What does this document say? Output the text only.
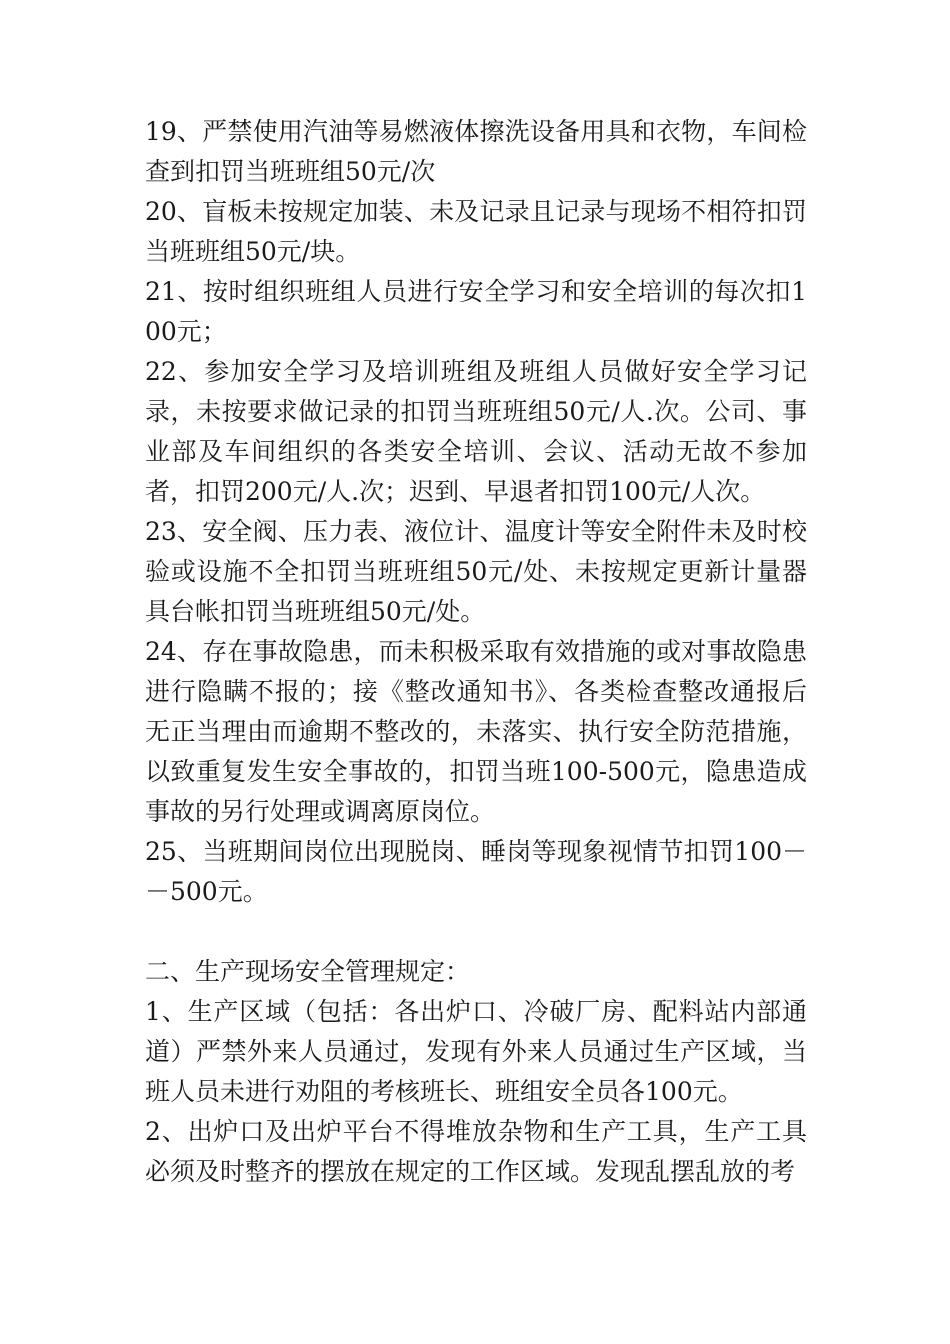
19、严禁使用汽油等易燃液体擦洗设备用具和衣物，车间检查到扣罚当班班组50元/次

20、盲板未按规定加装、未及记录且记录与现场不相符扣罚当班班组50元/块。

21、按时组织班组人员进行安全学习和安全培训的每次扣100元；

22、参加安全学习及培训班组及班组人员做好安全学习记录，未按要求做记录的扣罚当班班组50元/人.次。公司、事业部及车间组织的各类安全培训、会议、活动无故不参加者，扣罚200元/人.次；迟到、早退者扣罚100元/人次。

23、安全阀、压力表、液位计、温度计等安全附件未及时校验或设施不全扣罚当班班组50元/处、未按规定更新计量器具台帐扣罚当班班组50元/处。

24、存在事故隐患，而未积极采取有效措施的或对事故隐患进行隐瞒不报的；接《整改通知书》、各类检查整改通报后无正当理由而逾期不整改的，未落实、执行安全防范措施，以致重复发生安全事故的，扣罚当班100-500元，隐患造成事故的另行处理或调离原岗位。

25、当班期间岗位出现脱岗、睡岗等现象视情节扣罚100－－500元。

二、生产现场安全管理规定：

1、生产区域（包括：各出炉口、冷破厂房、配料站内部通道）严禁外来人员通过，发现有外来人员通过生产区域，当班人员未进行劝阻的考核班长、班组安全员各100元。

2、出炉口及出炉平台不得堆放杂物和生产工具，生产工具必须及时整齐的摆放在规定的工作区域。发现乱摆乱放的考
